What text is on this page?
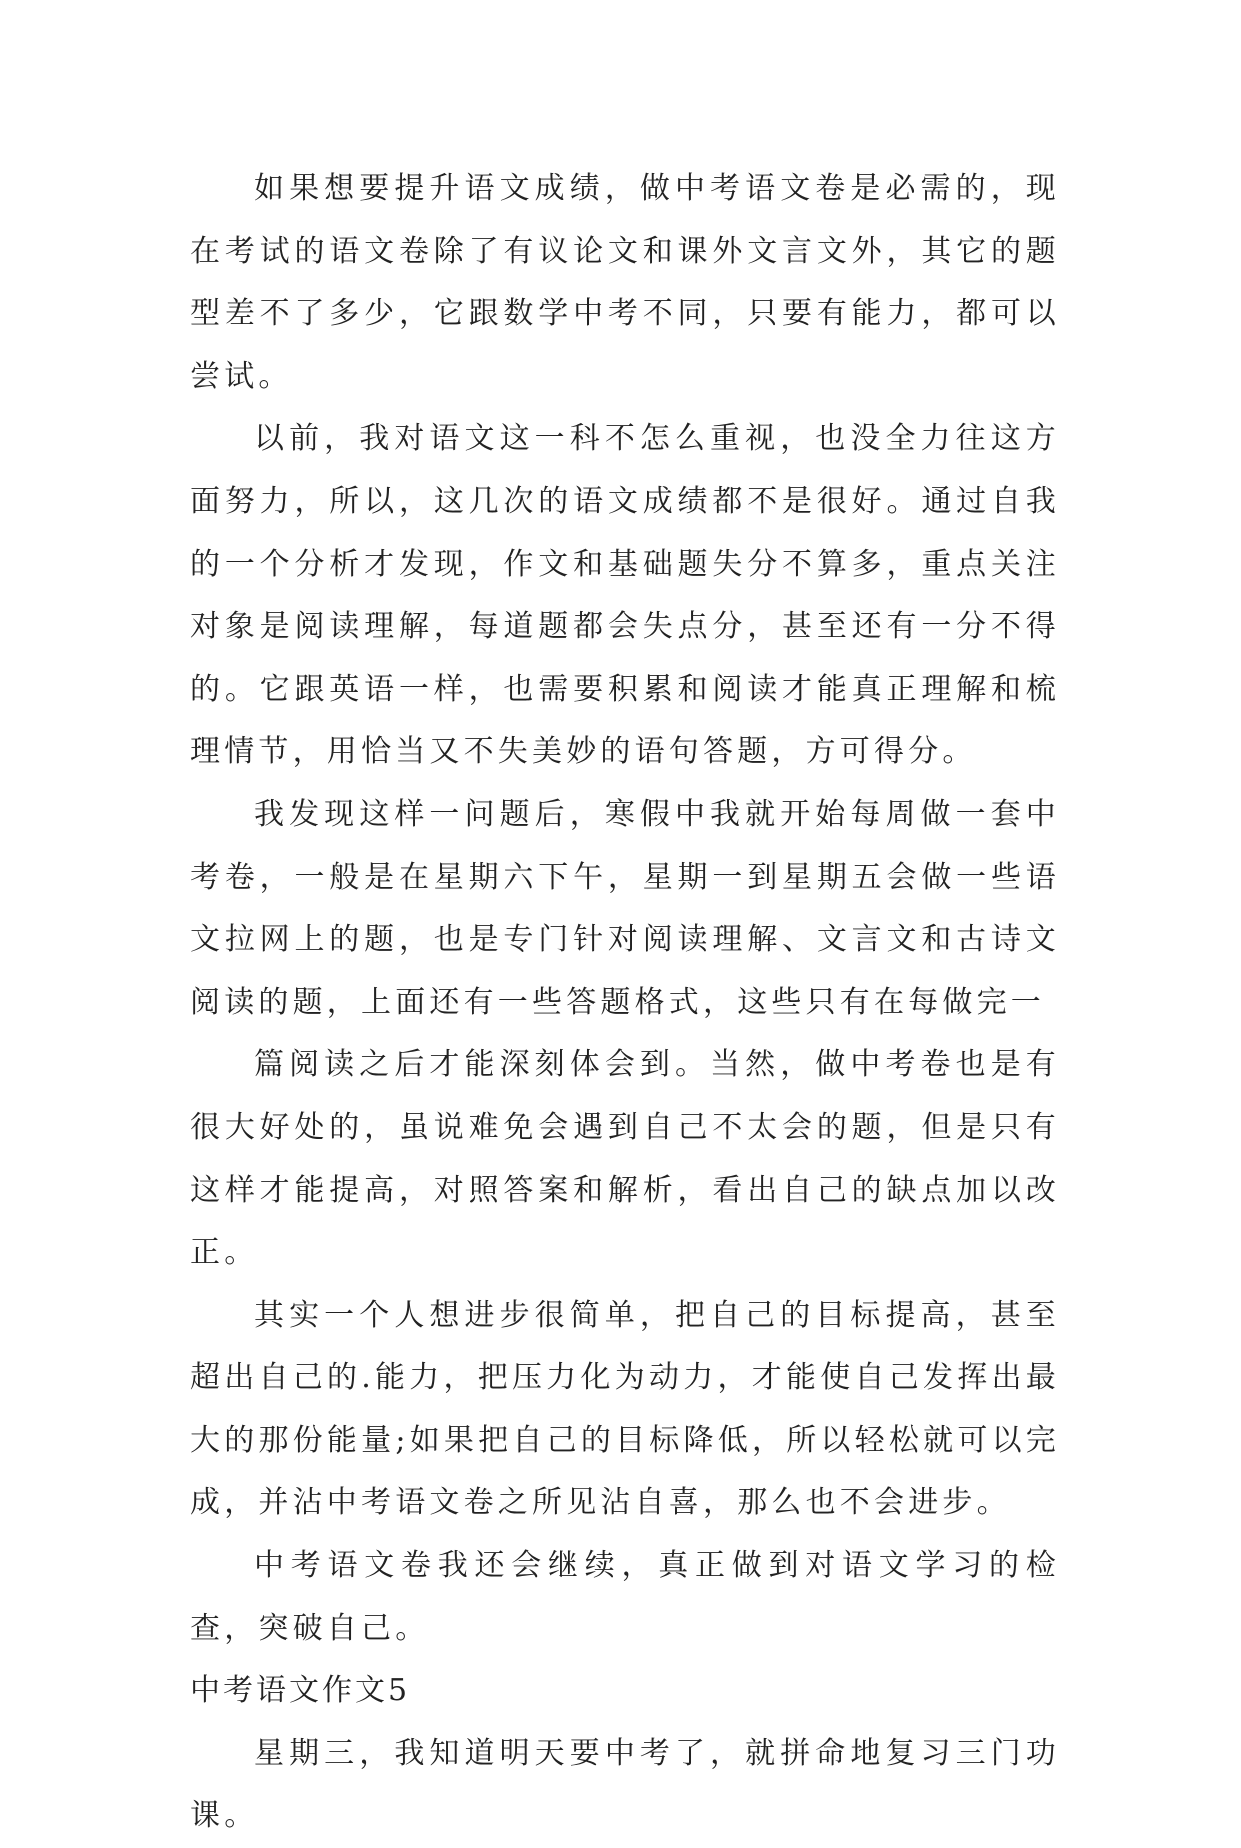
如果想要提升语文成绩，做中考语文卷是必需的，现在考试的语文卷除了有议论文和课外文言文外，其它的题型差不了多少，它跟数学中考不同，只要有能力，都可以尝试。

以前，我对语文这一科不怎么重视，也没全力往这方面努力，所以，这几次的语文成绩都不是很好。通过自我的一个分析才发现，作文和基础题失分不算多，重点关注对象是阅读理解，每道题都会失点分，甚至还有一分不得的。它跟英语一样，也需要积累和阅读才能真正理解和梳理情节，用恰当又不失美妙的语句答题，方可得分。

我发现这样一问题后，寒假中我就开始每周做一套中考卷，一般是在星期六下午，星期一到星期五会做一些语文拉网上的题，也是专门针对阅读理解、文言文和古诗文阅读的题，上面还有一些答题格式，这些只有在每做完一

篇阅读之后才能深刻体会到。当然，做中考卷也是有很大好处的，虽说难免会遇到自己不太会的题，但是只有这样才能提高，对照答案和解析，看出自己的缺点加以改正。

其实一个人想进步很简单，把自己的目标提高，甚至超出自己的.能力，把压力化为动力，才能使自己发挥出最大的那份能量;如果把自己的目标降低，所以轻松就可以完成，并沾中考语文卷之所见沾自喜，那么也不会进步。

中考语文卷我还会继续，真正做到对语文学习的检查，突破自己。

中考语文作文5

星期三，我知道明天要中考了，就拼命地复习三门功课。
